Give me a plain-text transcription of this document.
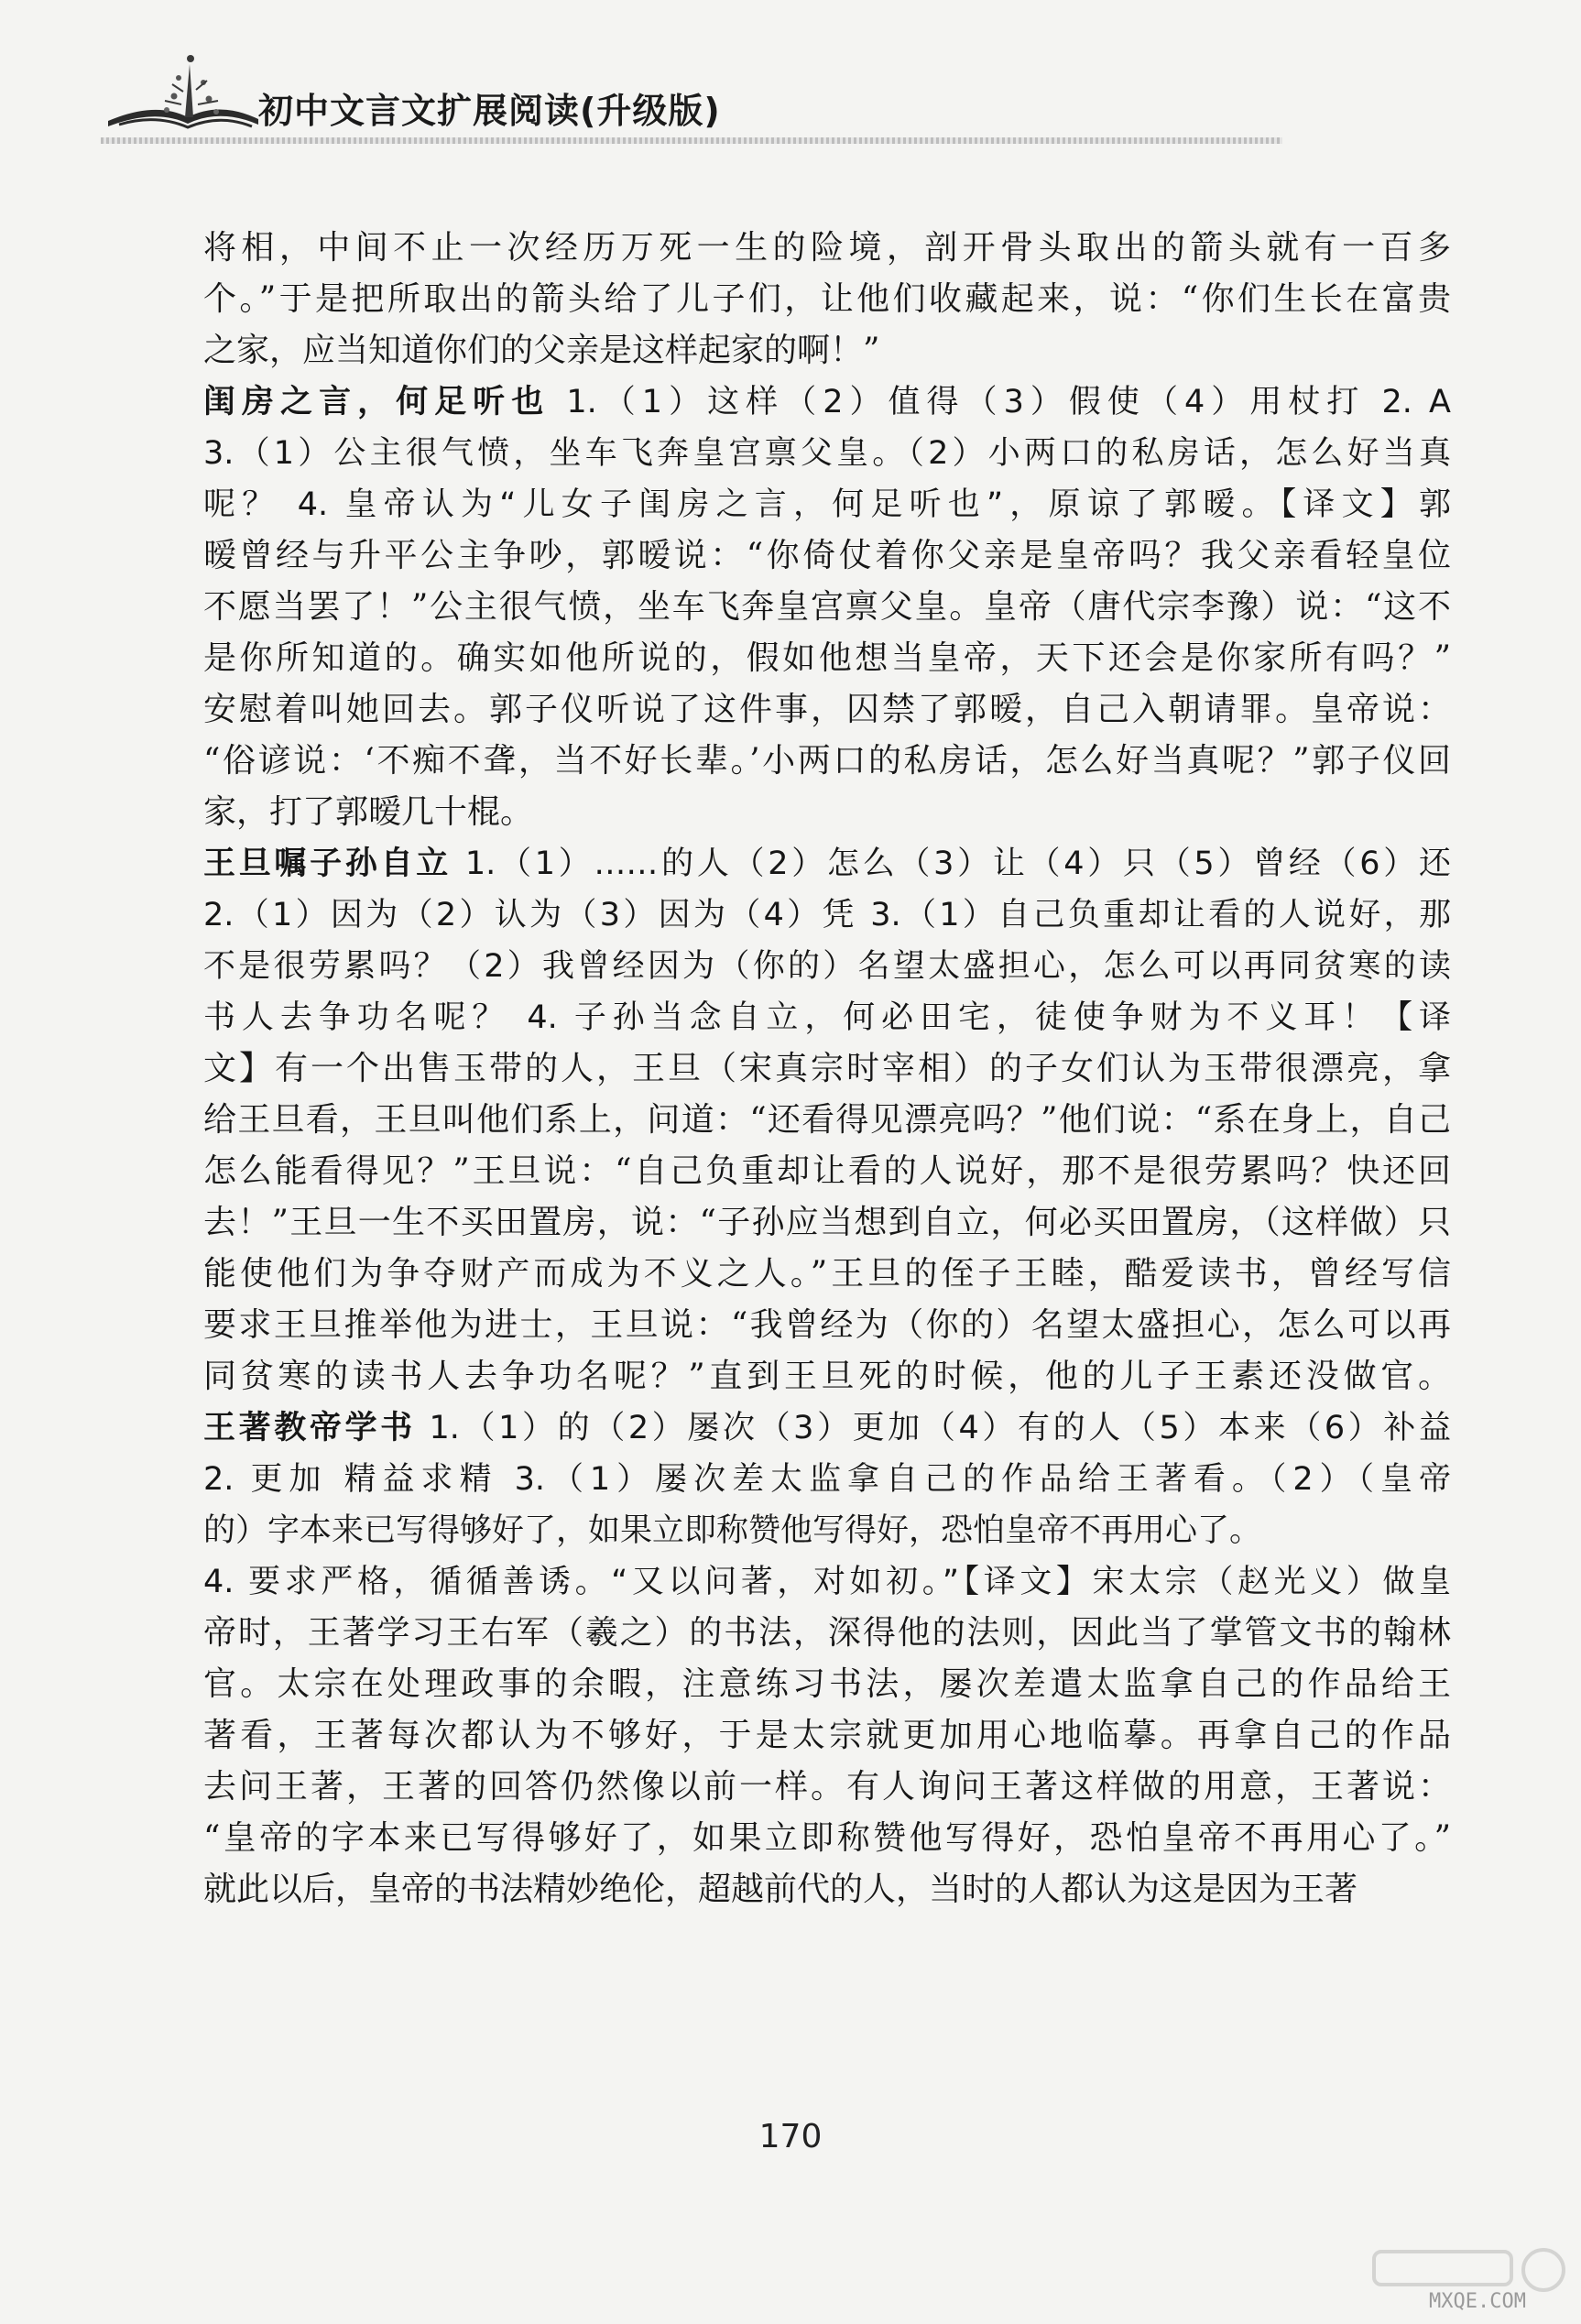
初中文言文扩展阅读(升级版)
将相，中间不止一次经历万死一生的险境，剖开骨头取出的箭头就有一百多
个。”于是把所取出的箭头给了儿子们，让他们收藏起来，说：“你们生长在富贵
之家，应当知道你们的父亲是这样起家的啊！”
闺房之言，何足听也 1.（1）这样（2）值得（3）假使（4）用杖打 2. A
3.（1）公主很气愤，坐车飞奔皇宫禀父皇。（2）小两口的私房话，怎么好当真
呢？ 4. 皇帝认为“儿女子闺房之言，何足听也”，原谅了郭暧。【译文】郭
暧曾经与升平公主争吵，郭暧说：“你倚仗着你父亲是皇帝吗？我父亲看轻皇位
不愿当罢了！”公主很气愤，坐车飞奔皇宫禀父皇。皇帝（唐代宗李豫）说：“这不
是你所知道的。确实如他所说的，假如他想当皇帝，天下还会是你家所有吗？”
安慰着叫她回去。郭子仪听说了这件事，囚禁了郭暧，自己入朝请罪。皇帝说：
“俗谚说：‘不痴不聋，当不好长辈。’小两口的私房话，怎么好当真呢？”郭子仪回
家，打了郭暧几十棍。
王旦嘱子孙自立 1.（1）……的人（2）怎么（3）让（4）只（5）曾经（6）还
2.（1）因为（2）认为（3）因为（4）凭 3.（1）自己负重却让看的人说好，那
不是很劳累吗？（2）我曾经因为（你的）名望太盛担心，怎么可以再同贫寒的读
书人去争功名呢？ 4. 子孙当念自立，何必田宅，徒使争财为不义耳！【译
文】有一个出售玉带的人，王旦（宋真宗时宰相）的子女们认为玉带很漂亮，拿
给王旦看，王旦叫他们系上，问道：“还看得见漂亮吗？”他们说：“系在身上，自己
怎么能看得见？”王旦说：“自己负重却让看的人说好，那不是很劳累吗？快还回
去！”王旦一生不买田置房，说：“子孙应当想到自立，何必买田置房，（这样做）只
能使他们为争夺财产而成为不义之人。”王旦的侄子王睦，酷爱读书，曾经写信
要求王旦推举他为进士，王旦说：“我曾经为（你的）名望太盛担心，怎么可以再
同贫寒的读书人去争功名呢？”直到王旦死的时候，他的儿子王素还没做官。
王著教帝学书 1.（1）的（2）屡次（3）更加（4）有的人（5）本来（6）补益
2. 更加 精益求精 3.（1）屡次差太监拿自己的作品给王著看。（2）（皇帝
的）字本来已写得够好了，如果立即称赞他写得好，恐怕皇帝不再用心了。
4. 要求严格，循循善诱。“又以问著，对如初。”【译文】宋太宗（赵光义）做皇
帝时，王著学习王右军（羲之）的书法，深得他的法则，因此当了掌管文书的翰林
官。太宗在处理政事的余暇，注意练习书法，屡次差遣太监拿自己的作品给王
著看，王著每次都认为不够好，于是太宗就更加用心地临摹。再拿自己的作品
去问王著，王著的回答仍然像以前一样。有人询问王著这样做的用意，王著说：
“皇帝的字本来已写得够好了，如果立即称赞他写得好，恐怕皇帝不再用心了。”
就此以后，皇帝的书法精妙绝伦，超越前代的人，当时的人都认为这是因为王著
170
MXQE.COM
